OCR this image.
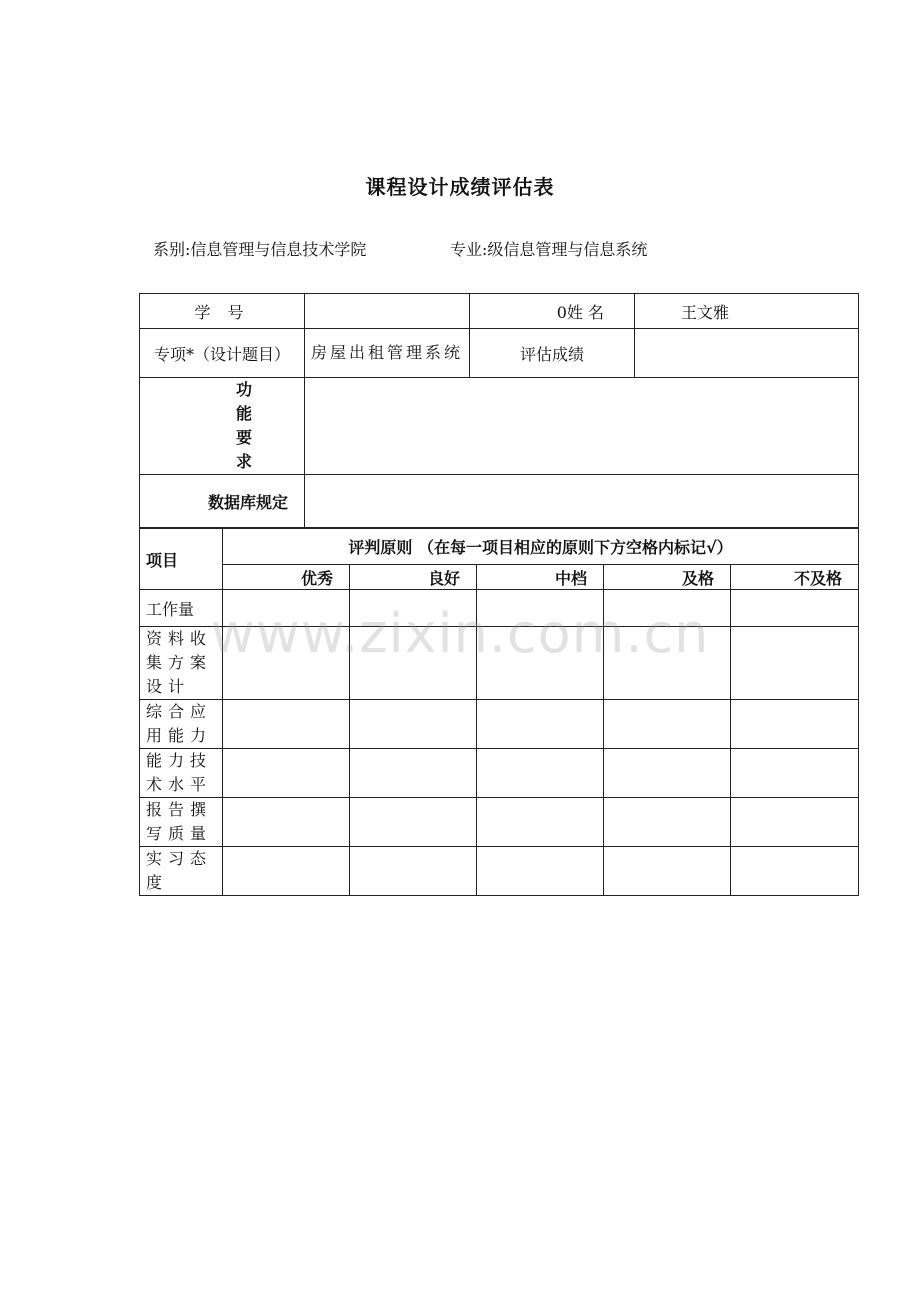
课程设计成绩评估表
系别:信息管理与信息技术学院	专业:级信息管理与信息系统
学 号		0姓 名	王文雅
专项*（设计题目）	房屋出租管理系统	评估成绩	

功
能
要
求			

数据库规定			
项目	评判原则 （在每一项目相应的原则下方空格内标记√）				
	优秀	良好	中档	及格	不及格
工作量					
资料收集方案设计					
综合应用能力					
能力技术水平					
报告撰写质量					
实习态度					
www.zixin.com.cn
